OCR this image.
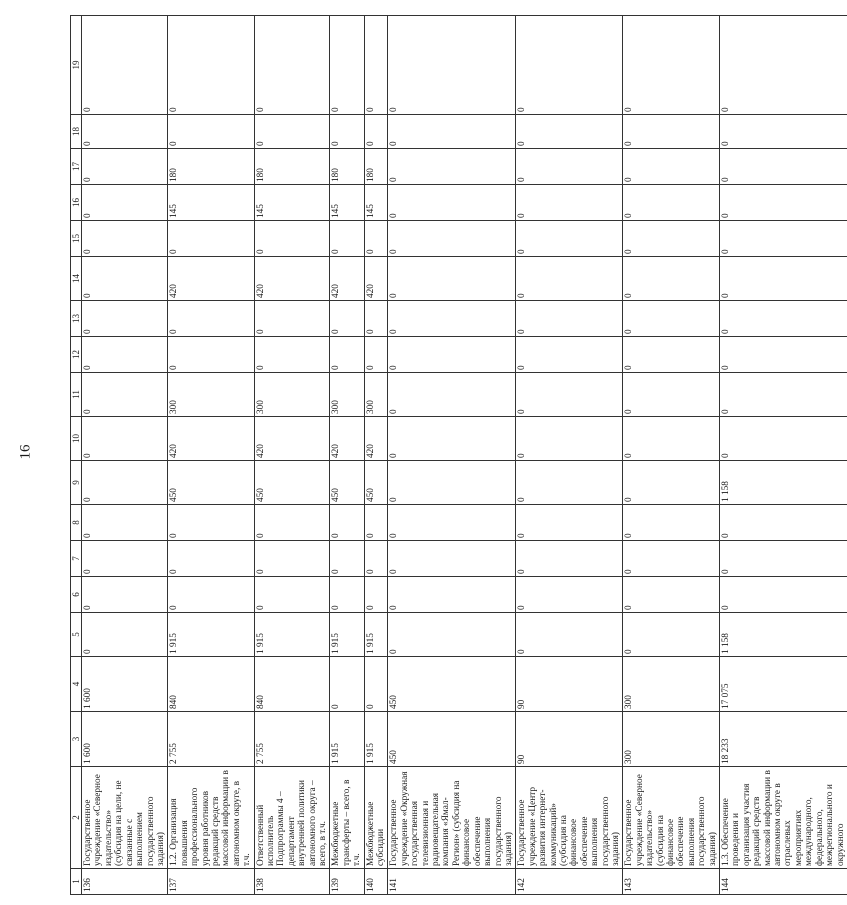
16
1	2	3	4	5	6	7	8	9	10	11	12	13	14	15	16	17	18	19
136	Государственное учреждение «Северное издательство» (субсидия на цели, не связанные с выполнением государственного задания)	1 600	1 600	0	0	0	0	0	0	0	0	0	0	0	0	0	0	0
137	1.2. Организация повышения профессионального уровня работников редакций средств массовой информации в автономном округе, в т.ч.	2 755	840	1 915	0	0	0	450	420	300	0	0	420	0	145	180	0	0
138	Ответственный исполнитель Подпрограммы 4 – департамент внутренней политики автономного округа – всего, в т.ч.	2 755	840	1 915	0	0	0	450	420	300	0	0	420	0	145	180	0	0
139	Межбюджетные трансферты – всего, в т.ч.	1 915	0	1 915	0	0	0	450	420	300	0	0	420	0	145	180	0	0
140	Межбюджетные субсидии	1 915	0	1 915	0	0	0	450	420	300	0	0	420	0	145	180	0	0
141	Государственное учреждение «Окружная государственная телевизионная и радиовещательная компания «Ямал-Регион» (субсидия на финансовое обеспечение выполнения государственного задания)	450	450	0	0	0	0	0	0	0	0	0	0	0	0	0	0	0
142	Государственное учреждение «Центр развития интернет-коммуникаций» (субсидия на финансовое обеспечение выполнения государственного задания)	90	90	0	0	0	0	0	0	0	0	0	0	0	0	0	0	0
143	Государственное учреждение «Северное издательство» (субсидия на финансовое обеспечение выполнения государственного задания)	300	300	0	0	0	0	0	0	0	0	0	0	0	0	0	0	0
144	1.3. Обеспечение проведения и организация участия редакций средств массовой информации в автономном округе в отраслевых мероприятиях международного, федерального, межрегионального и окружного	18 233	17 075	1 158	0	0	0	1 158	0	0	0	0	0	0	0	0	0	0
